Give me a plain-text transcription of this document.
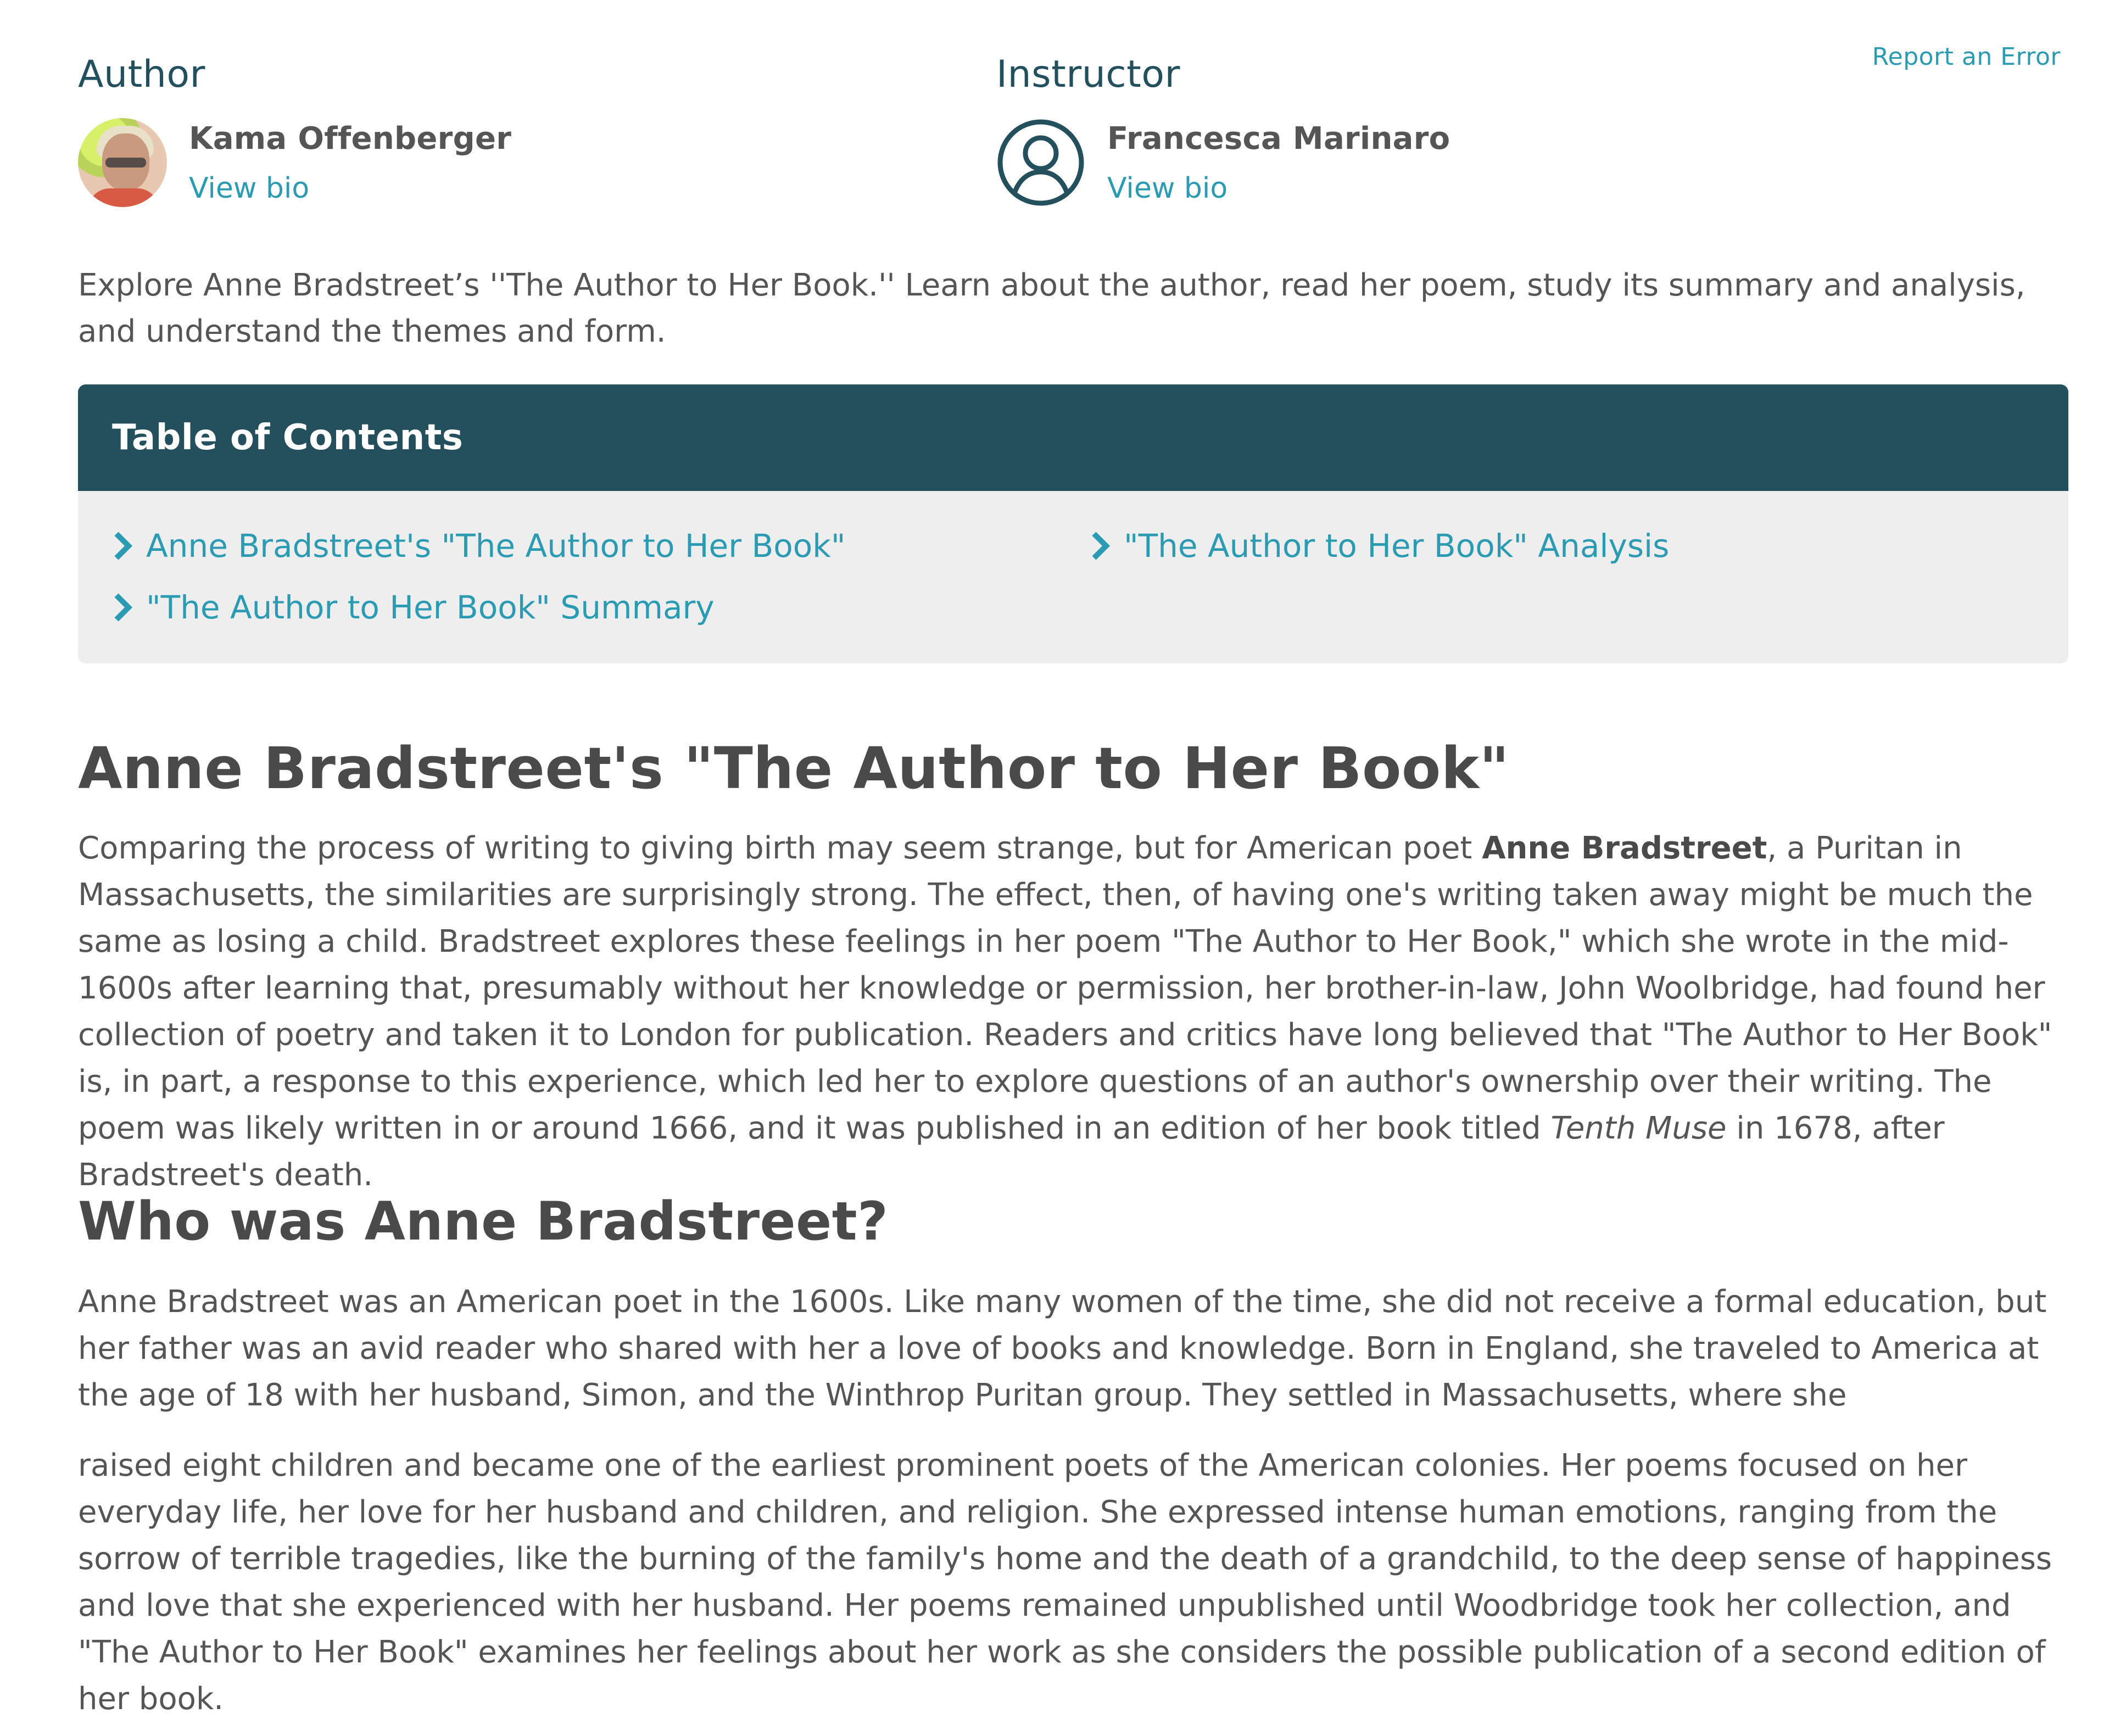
Report an Error
Author
Kama Offenberger
View bio
Instructor
Francesca Marinaro
View bio

Explore Anne Bradstreet’s ''The Author to Her Book.'' Learn about the author, read her poem, study its summary and analysis, and understand the themes and form.

Table of Contents
Anne Bradstreet's "The Author to Her Book"
"The Author to Her Book" Summary
"The Author to Her Book" Analysis
Anne Bradstreet's "The Author to Her Book"

Comparing the process of writing to giving birth may seem strange, but for American poet Anne Bradstreet, a Puritan in Massachusetts, the similarities are surprisingly strong. The effect, then, of having one's writing taken away might be much the same as losing a child. Bradstreet explores these feelings in her poem "The Author to Her Book," which she wrote in the mid-1600s after learning that, presumably without her knowledge or permission, her brother-in-law, John Woolbridge, had found her collection of poetry and taken it to London for publication. Readers and critics have long believed that "The Author to Her Book" is, in part, a response to this experience, which led her to explore questions of an author's ownership over their writing. The poem was likely written in or around 1666, and it was published in an edition of her book titled Tenth Muse in 1678, after Bradstreet's death.

Who was Anne Bradstreet?

Anne Bradstreet was an American poet in the 1600s. Like many women of the time, she did not receive a formal education, but her father was an avid reader who shared with her a love of books and knowledge. Born in England, she traveled to America at the age of 18 with her husband, Simon, and the Winthrop Puritan group. They settled in Massachusetts, where she

raised eight children and became one of the earliest prominent poets of the American colonies. Her poems focused on her everyday life, her love for her husband and children, and religion. She expressed intense human emotions, ranging from the sorrow of terrible tragedies, like the burning of the family's home and the death of a grandchild, to the deep sense of happiness and love that she experienced with her husband. Her poems remained unpublished until Woodbridge took her collection, and "The Author to Her Book" examines her feelings about her work as she considers the possible publication of a second edition of her book.
